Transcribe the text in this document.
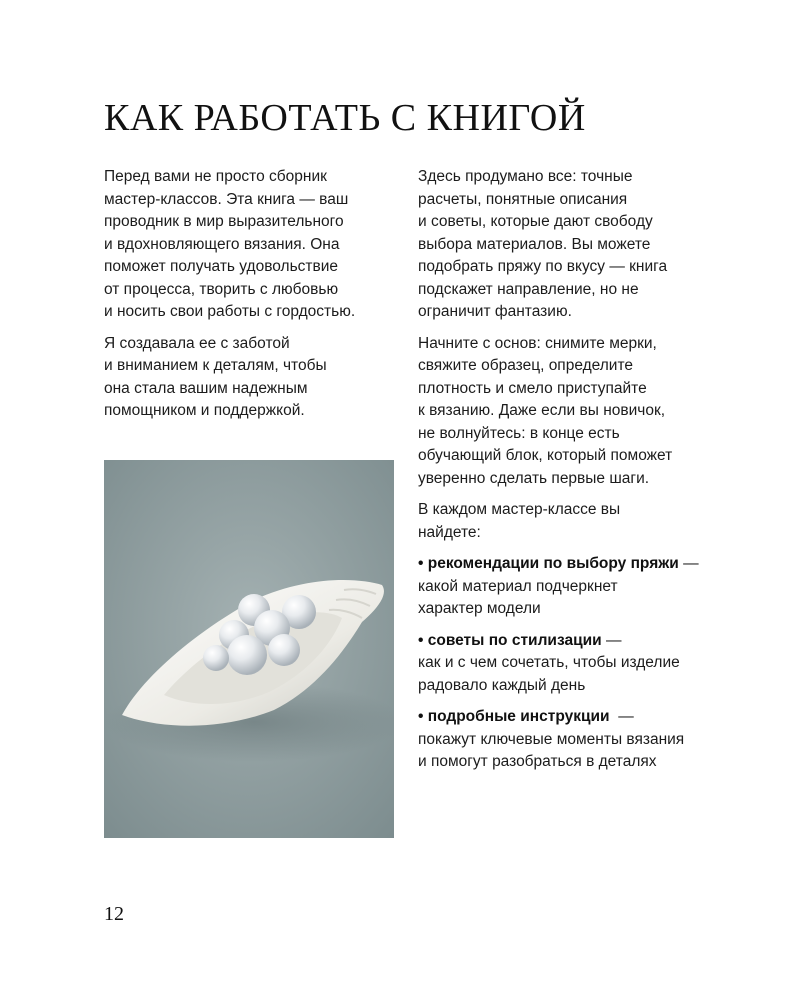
КАК РАБОТАТЬ С КНИГОЙ

Перед вами не просто сборник
мастер-классов. Эта книга — ваш
проводник в мир выразительного
и вдохновляющего вязания. Она
поможет получать удовольствие
от процесса, творить с любовью
и носить свои работы с гордостью.

Я создавала ее с заботой
и вниманием к деталям, чтобы
она стала вашим надежным
помощником и поддержкой.

Здесь продумано все: точные
расчеты, понятные описания
и советы, которые дают свободу
выбора материалов. Вы можете
подобрать пряжу по вкусу — книга
подскажет направление, но не
ограничит фантазию.

Начните с основ: снимите мерки,
свяжите образец, определите
плотность и смело приступайте
к вязанию. Даже если вы новичок,
не волнуйтесь: в конце есть
обучающий блок, который поможет
уверенно сделать первые шаги.

В каждом мастер-классе вы
найдете:

• рекомендации по выбору пряжи —
какой материал подчеркнет
характер модели
• советы по стилизации —
как и с чем сочетать, чтобы изделие
радовало каждый день
• подробные инструкции  —
покажут ключевые моменты вязания
и помогут разобраться в деталях
12
